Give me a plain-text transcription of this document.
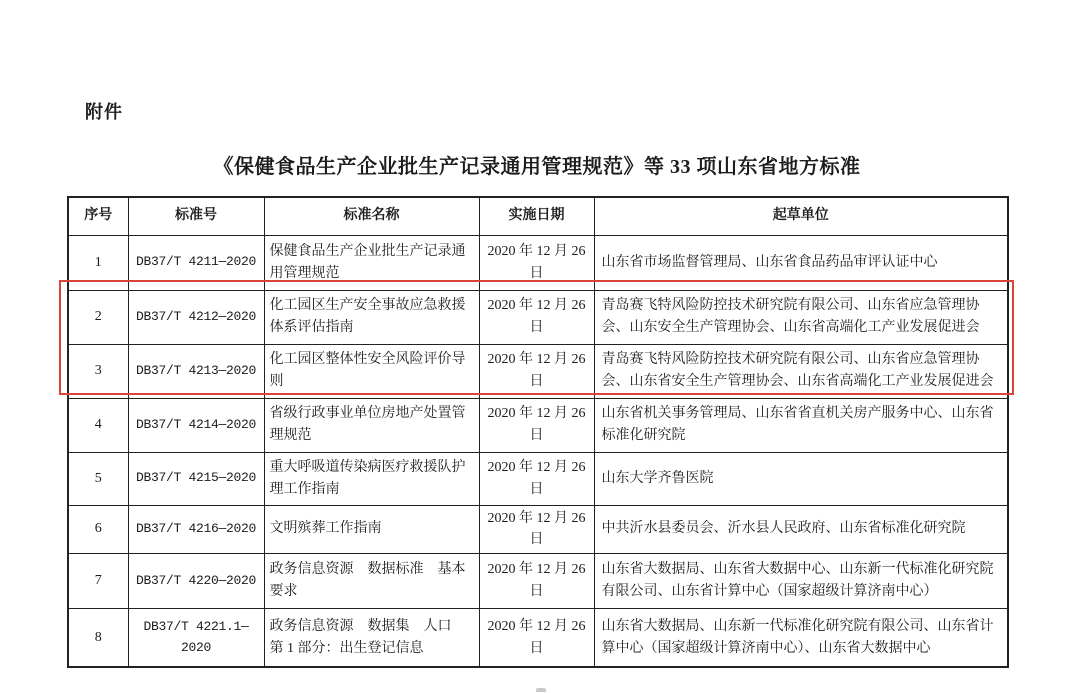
附件
《保健食品生产企业批生产记录通用管理规范》等 33 项山东省地方标准
序号	标准号	标准名称	实施日期	起草单位
1	DB37/T 4211—2020	保健食品生产企业批生产记录通用管理规范	2020 年 12 月 26 日	山东省市场监督管理局、山东省食品药品审评认证中心
2	DB37/T 4212—2020	化工园区生产安全事故应急救援体系评估指南	2020 年 12 月 26 日	青岛赛飞特风险防控技术研究院有限公司、山东省应急管理协会、山东安全生产管理协会、山东省高端化工产业发展促进会
3	DB37/T 4213—2020	化工园区整体性安全风险评价导则	2020 年 12 月 26 日	青岛赛飞特风险防控技术研究院有限公司、山东省应急管理协会、山东省安全生产管理协会、山东省高端化工产业发展促进会
4	DB37/T 4214—2020	省级行政事业单位房地产处置管理规范	2020 年 12 月 26 日	山东省机关事务管理局、山东省省直机关房产服务中心、山东省标准化研究院
5	DB37/T 4215—2020	重大呼吸道传染病医疗救援队护理工作指南	2020 年 12 月 26 日	山东大学齐鲁医院
6	DB37/T 4216—2020	文明殡葬工作指南	2020 年 12 月 26 日	中共沂水县委员会、沂水县人民政府、山东省标准化研究院
7	DB37/T 4220—2020	政务信息资源　数据标准　基本要求	2020 年 12 月 26 日	山东省大数据局、山东省大数据中心、山东新一代标准化研究院有限公司、山东省计算中心（国家超级计算济南中心）
8	DB37/T 4221.1—2020	政务信息资源　数据集　人口　第 1 部分：出生登记信息	2020 年 12 月 26 日	山东省大数据局、山东新一代标准化研究院有限公司、山东省计算中心（国家超级计算济南中心）、山东省大数据中心
